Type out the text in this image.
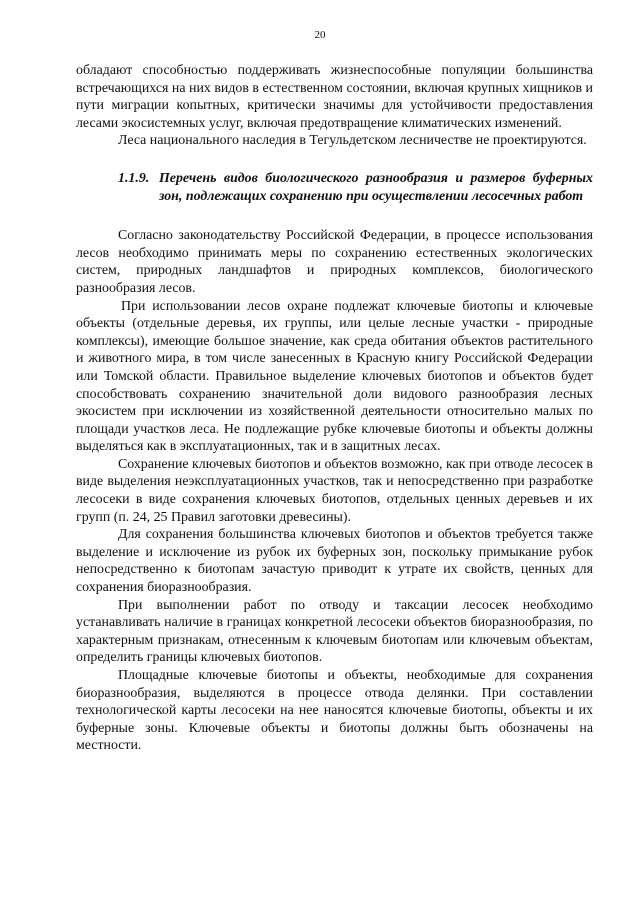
20

обладают способностью поддерживать жизнеспособные популяции большинства встречающихся на них видов в естественном состоянии, включая крупных хищников и пути миграции копытных, критически значимы для устойчивости предоставления лесами экосистемных услуг, включая предотвращение климатических изменений.

Леса национального наследия в Тегульдетском лесничестве не проектируются.

1.1.9. Перечень видов биологического разнообразия и размеров буферных зон, подлежащих сохранению при осуществлении лесосечных работ

Согласно законодательству Российской Федерации, в процессе использования лесов необходимо принимать меры по сохранению естественных экологических систем, природных ландшафтов и природных комплексов, биологического разнообразия лесов.

При использовании лесов охране подлежат ключевые биотопы и ключевые объекты (отдельные деревья, их группы, или целые лесные участки - природные комплексы), имеющие большое значение, как среда обитания объектов растительного и животного мира, в том числе занесенных в Красную книгу Российской Федерации или Томской области. Правильное выделение ключевых биотопов и объектов будет способствовать сохранению значительной доли видового разнообразия лесных экосистем при исключении из хозяйственной деятельности относительно малых по площади участков леса. Не подлежащие рубке ключевые биотопы и объекты должны выделяться как в эксплуатационных, так и в защитных лесах.

Сохранение ключевых биотопов и объектов возможно, как при отводе лесосек в виде выделения неэксплуатационных участков, так и непосредственно при разработке лесосеки в виде сохранения ключевых биотопов, отдельных ценных деревьев и их групп (п. 24, 25 Правил заготовки древесины).

Для сохранения большинства ключевых биотопов и объектов требуется также выделение и исключение из рубок их буферных зон, поскольку примыкание рубок непосредственно к биотопам зачастую приводит к утрате их свойств, ценных для сохранения биоразнообразия.

При выполнении работ по отводу и таксации лесосек необходимо устанавливать наличие в границах конкретной лесосеки объектов биоразнообразия, по характерным признакам, отнесенным к ключевым биотопам или ключевым объектам, определить границы ключевых биотопов.

Площадные ключевые биотопы и объекты, необходимые для сохранения биоразнообразия, выделяются в процессе отвода делянки. При составлении технологической карты лесосеки на нее наносятся ключевые биотопы, объекты и их буферные зоны. Ключевые объекты и биотопы должны быть обозначены на местности.
